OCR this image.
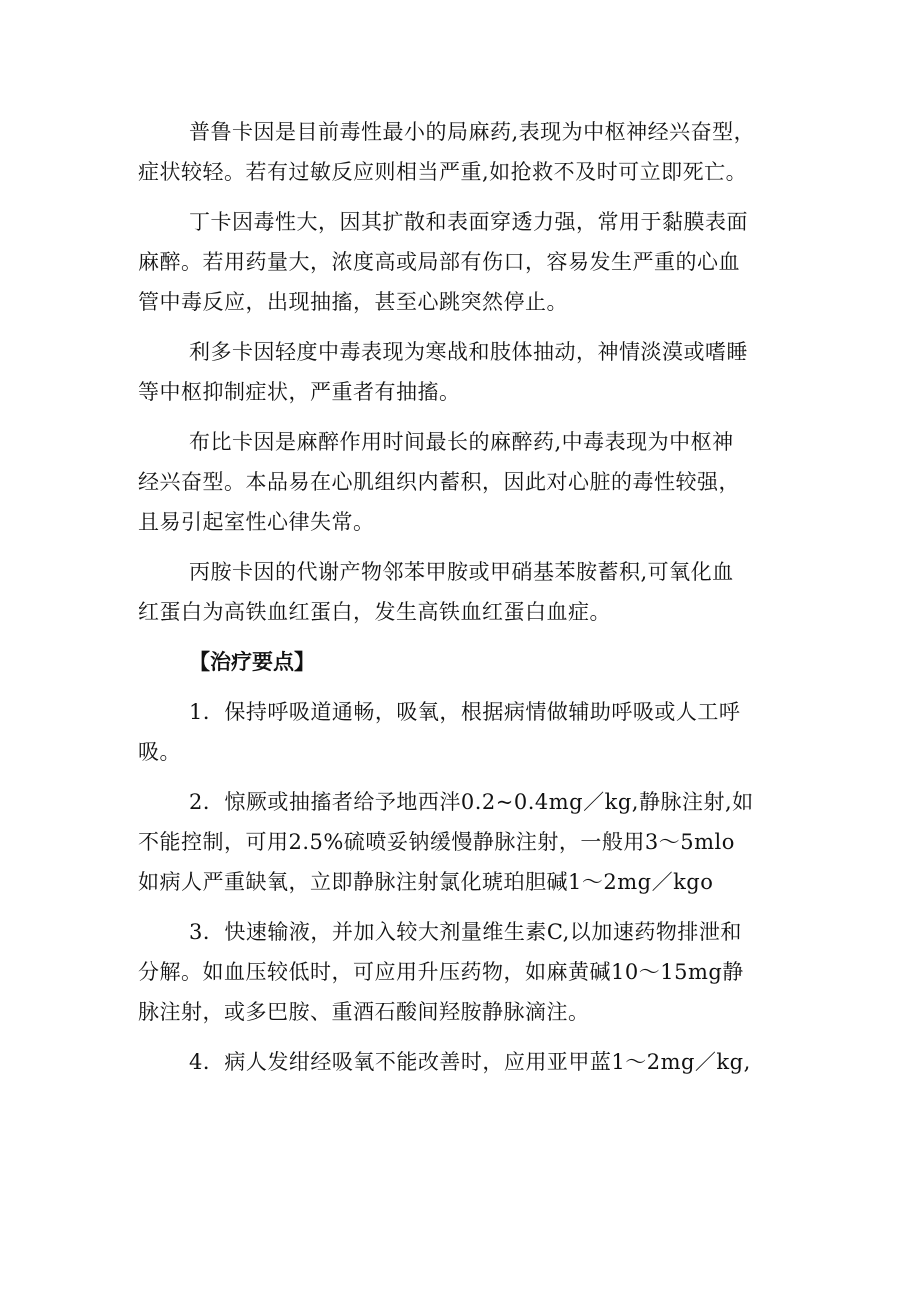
普鲁卡因是目前毒性最小的局麻药,表现为中枢神经兴奋型，
症状较轻。若有过敏反应则相当严重,如抢救不及时可立即死亡。

丁卡因毒性大，因其扩散和表面穿透力强，常用于黏膜表面
麻醉。若用药量大，浓度高或局部有伤口，容易发生严重的心血
管中毒反应，出现抽搐，甚至心跳突然停止。

利多卡因轻度中毒表现为寒战和肢体抽动，神情淡漠或嗜睡
等中枢抑制症状，严重者有抽搐。

布比卡因是麻醉作用时间最长的麻醉药,中毒表现为中枢神
经兴奋型。本品易在心肌组织内蓄积，因此对心脏的毒性较强，
且易引起室性心律失常。

丙胺卡因的代谢产物邻苯甲胺或甲硝基苯胺蓄积,可氧化血
红蛋白为高铁血红蛋白，发生高铁血红蛋白血症。

【治疗要点】

1．保持呼吸道通畅，吸氧，根据病情做辅助呼吸或人工呼
吸。

2．惊厥或抽搐者给予地西泮0.2~0.4mg／kg,静脉注射,如
不能控制，可用2.5%硫喷妥钠缓慢静脉注射，一般用3～5mlo
如病人严重缺氧，立即静脉注射氯化琥珀胆碱1～2mg／kgo

3．快速输液，并加入较大剂量维生素C,以加速药物排泄和
分解。如血压较低时，可应用升压药物，如麻黄碱10～15mg静
脉注射，或多巴胺、重酒石酸间羟胺静脉滴注。

4．病人发绀经吸氧不能改善时，应用亚甲蓝1～2mg／kg,
